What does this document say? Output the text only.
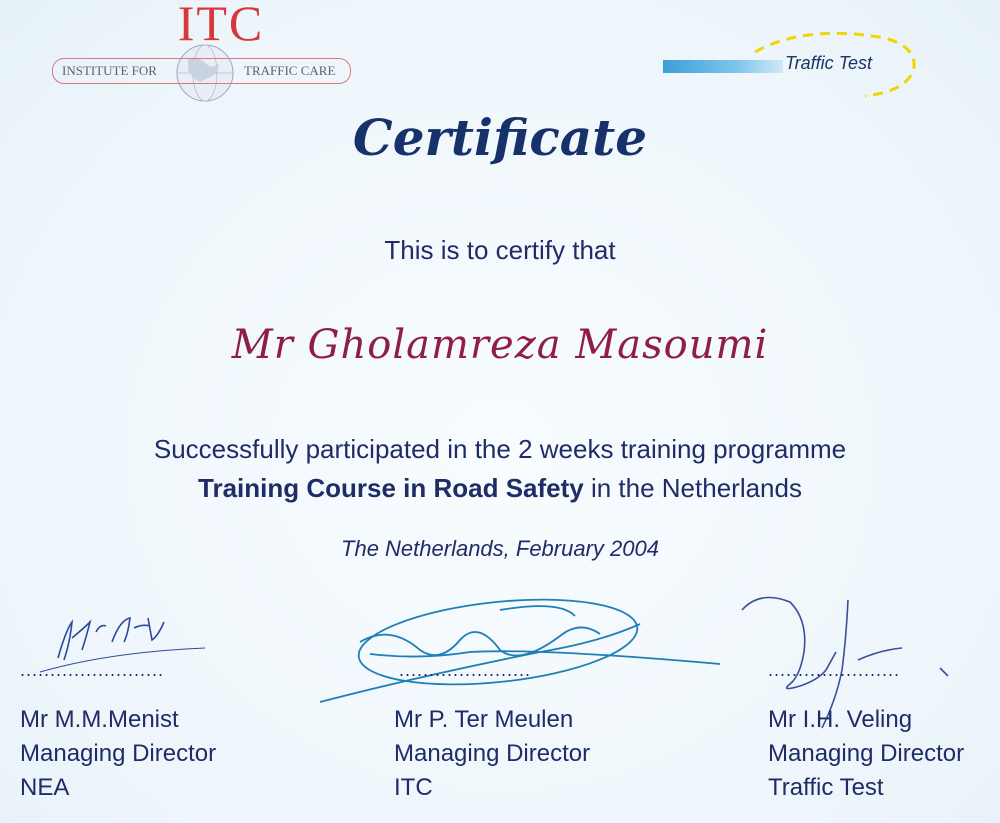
ITC
INSTITUTE FOR	TRAFFIC CARE	Traffic Test
Certificate
This is to certify that
Mr Gholamreza Masoumi
Successfully participated in the 2 weeks training programme
Training Course in Road Safety in the Netherlands
The Netherlands, February 2004
........................
Mr M.M.Menist
Managing Director
NEA
......................
Mr P. Ter Meulen
Managing Director
ITC
......................
Mr I.H. Veling
Managing Director
Traffic Test
